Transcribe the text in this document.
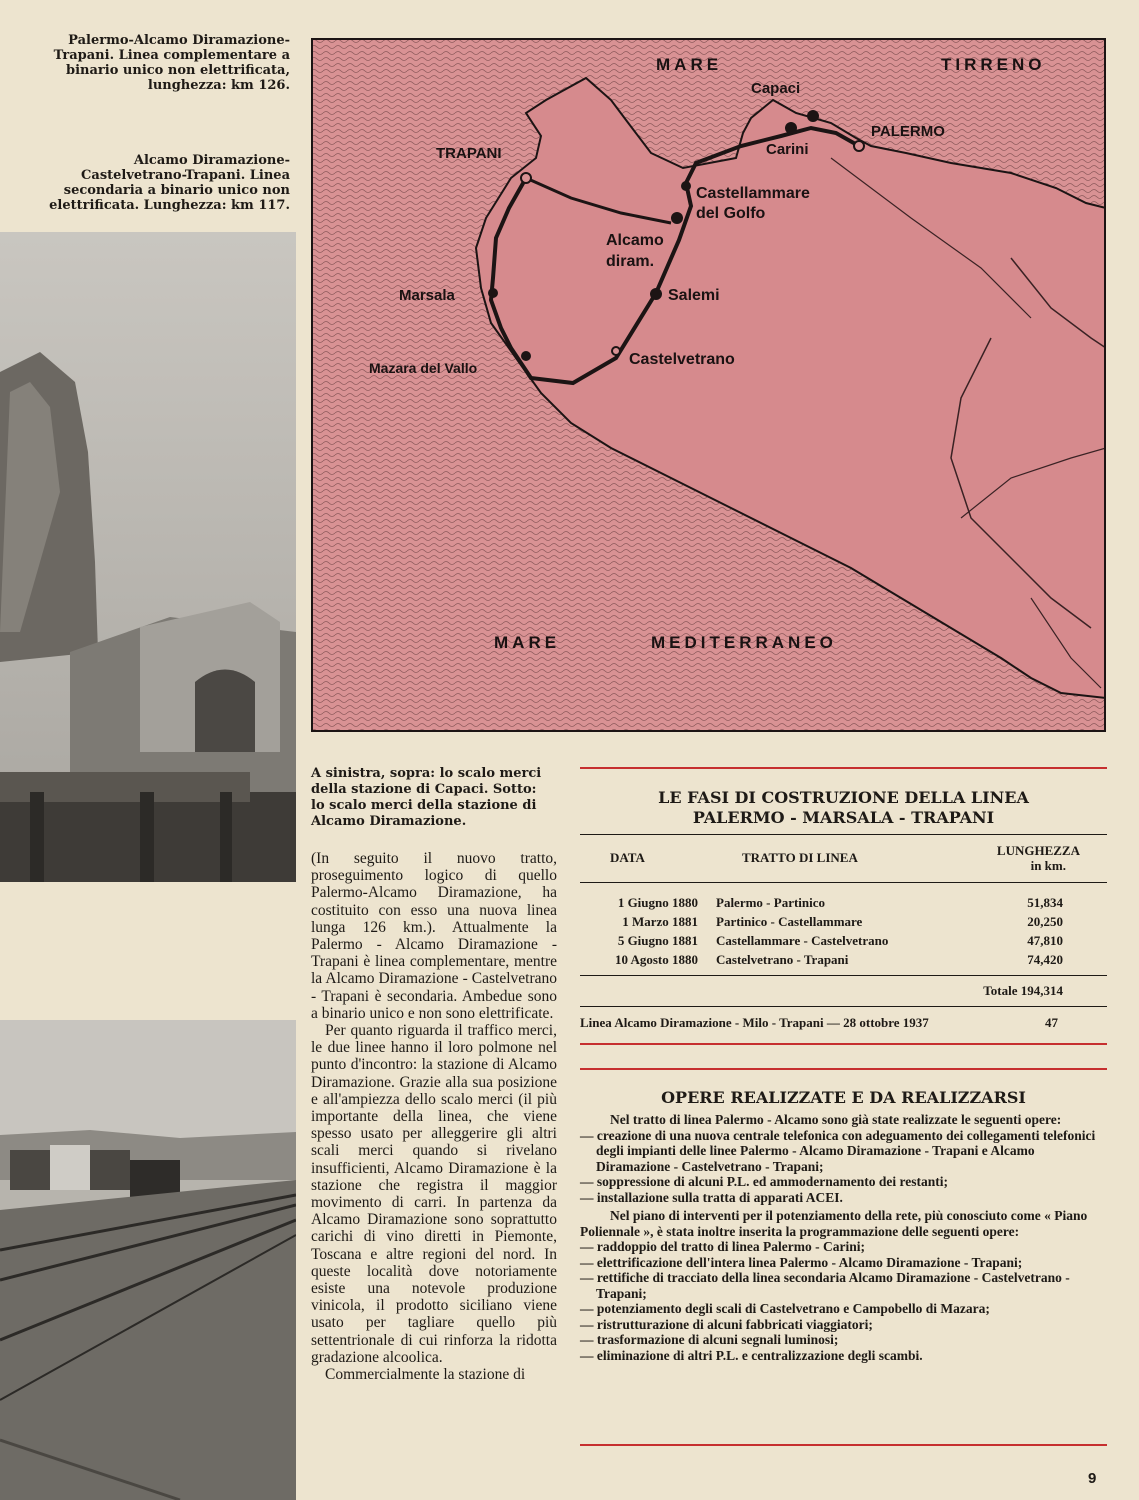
Palermo-Alcamo Diramazione-Trapani. Linea complementare a binario unico non elettrificata, lunghezza: km 126.
Alcamo Diramazione-Castelvetrano-Trapani. Linea secondaria a binario unico non elettrificata. Lunghezza: km 117.
MARE	TIRRENO
Capaci
Carini
PALERMO
TRAPANI
Castellammare
del Golfo
Alcamo
diram.
Marsala	Salemi
Mazara del Vallo	Castelvetrano
MARE	MEDITERRANEO
A sinistra, sopra: lo scalo merci della stazione di Capaci. Sotto: lo scalo merci della stazione di Alcamo Diramazione.

(In seguito il nuovo tratto, proseguimento logico di quello Palermo-Alcamo Diramazione, ha costituito con esso una nuova linea lunga 126 km.). Attualmente la Palermo - Alcamo Diramazione - Trapani è linea complementare, mentre la Alcamo Diramazione - Castelvetrano - Trapani è secondaria. Ambedue sono a binario unico e non sono elettrificate.

Per quanto riguarda il traffico merci, le due linee hanno il loro polmone nel punto d'incontro: la stazione di Alcamo Diramazione. Grazie alla sua posizione e all'ampiezza dello scalo merci (il più importante della linea, che viene spesso usato per alleggerire gli altri scali merci quando si rivelano insufficienti, Alcamo Diramazione è la stazione che registra il maggior movimento di carri. In partenza da Alcamo Diramazione sono soprattutto carichi di vino diretti in Piemonte, Toscana e altre regioni del nord. In queste località dove notoriamente esiste una notevole produzione vinicola, il prodotto siciliano viene usato per tagliare quello più settentrionale di cui rinforza la ridotta gradazione alcoolica.

Commercialmente la stazione di

LE FASI DI COSTRUZIONE DELLA LINEA
PALERMO - MARSALA - TRAPANI
DATA	TRATTO DI LINEA	LUNGHEZZA
in km.
1 Giugno 1880	Palermo - Partinico	51,834
1 Marzo 1881	Partinico - Castellammare	20,250
5 Giugno 1881	Castellammare - Castelvetrano	47,810
10 Agosto 1880	Castelvetrano - Trapani	74,420
Totale 194,314
Linea Alcamo Diramazione - Milo - Trapani — 28 ottobre 1937	47
OPERE REALIZZATE E DA REALIZZARSI
Nel tratto di linea Palermo - Alcamo sono già state realizzate le seguenti opere:
— creazione di una nuova centrale telefonica con adeguamento dei collegamenti telefonici degli impianti delle linee Palermo - Alcamo Diramazione - Trapani e Alcamo Diramazione - Castelvetrano - Trapani;
— soppressione di alcuni P.L. ed ammodernamento dei restanti;
— installazione sulla tratta di apparati ACEI.
Nel piano di interventi per il potenziamento della rete, più conosciuto come « Piano Poliennale », è stata inoltre inserita la programmazione delle seguenti opere:
— raddoppio del tratto di linea Palermo - Carini;
— elettrificazione dell'intera linea Palermo - Alcamo Diramazione - Trapani;
— rettifiche di tracciato della linea secondaria Alcamo Diramazione - Castelvetrano - Trapani;
— potenziamento degli scali di Castelvetrano e Campobello di Mazara;
— ristrutturazione di alcuni fabbricati viaggiatori;
— trasformazione di alcuni segnali luminosi;
— eliminazione di altri P.L. e centralizzazione degli scambi.
9
